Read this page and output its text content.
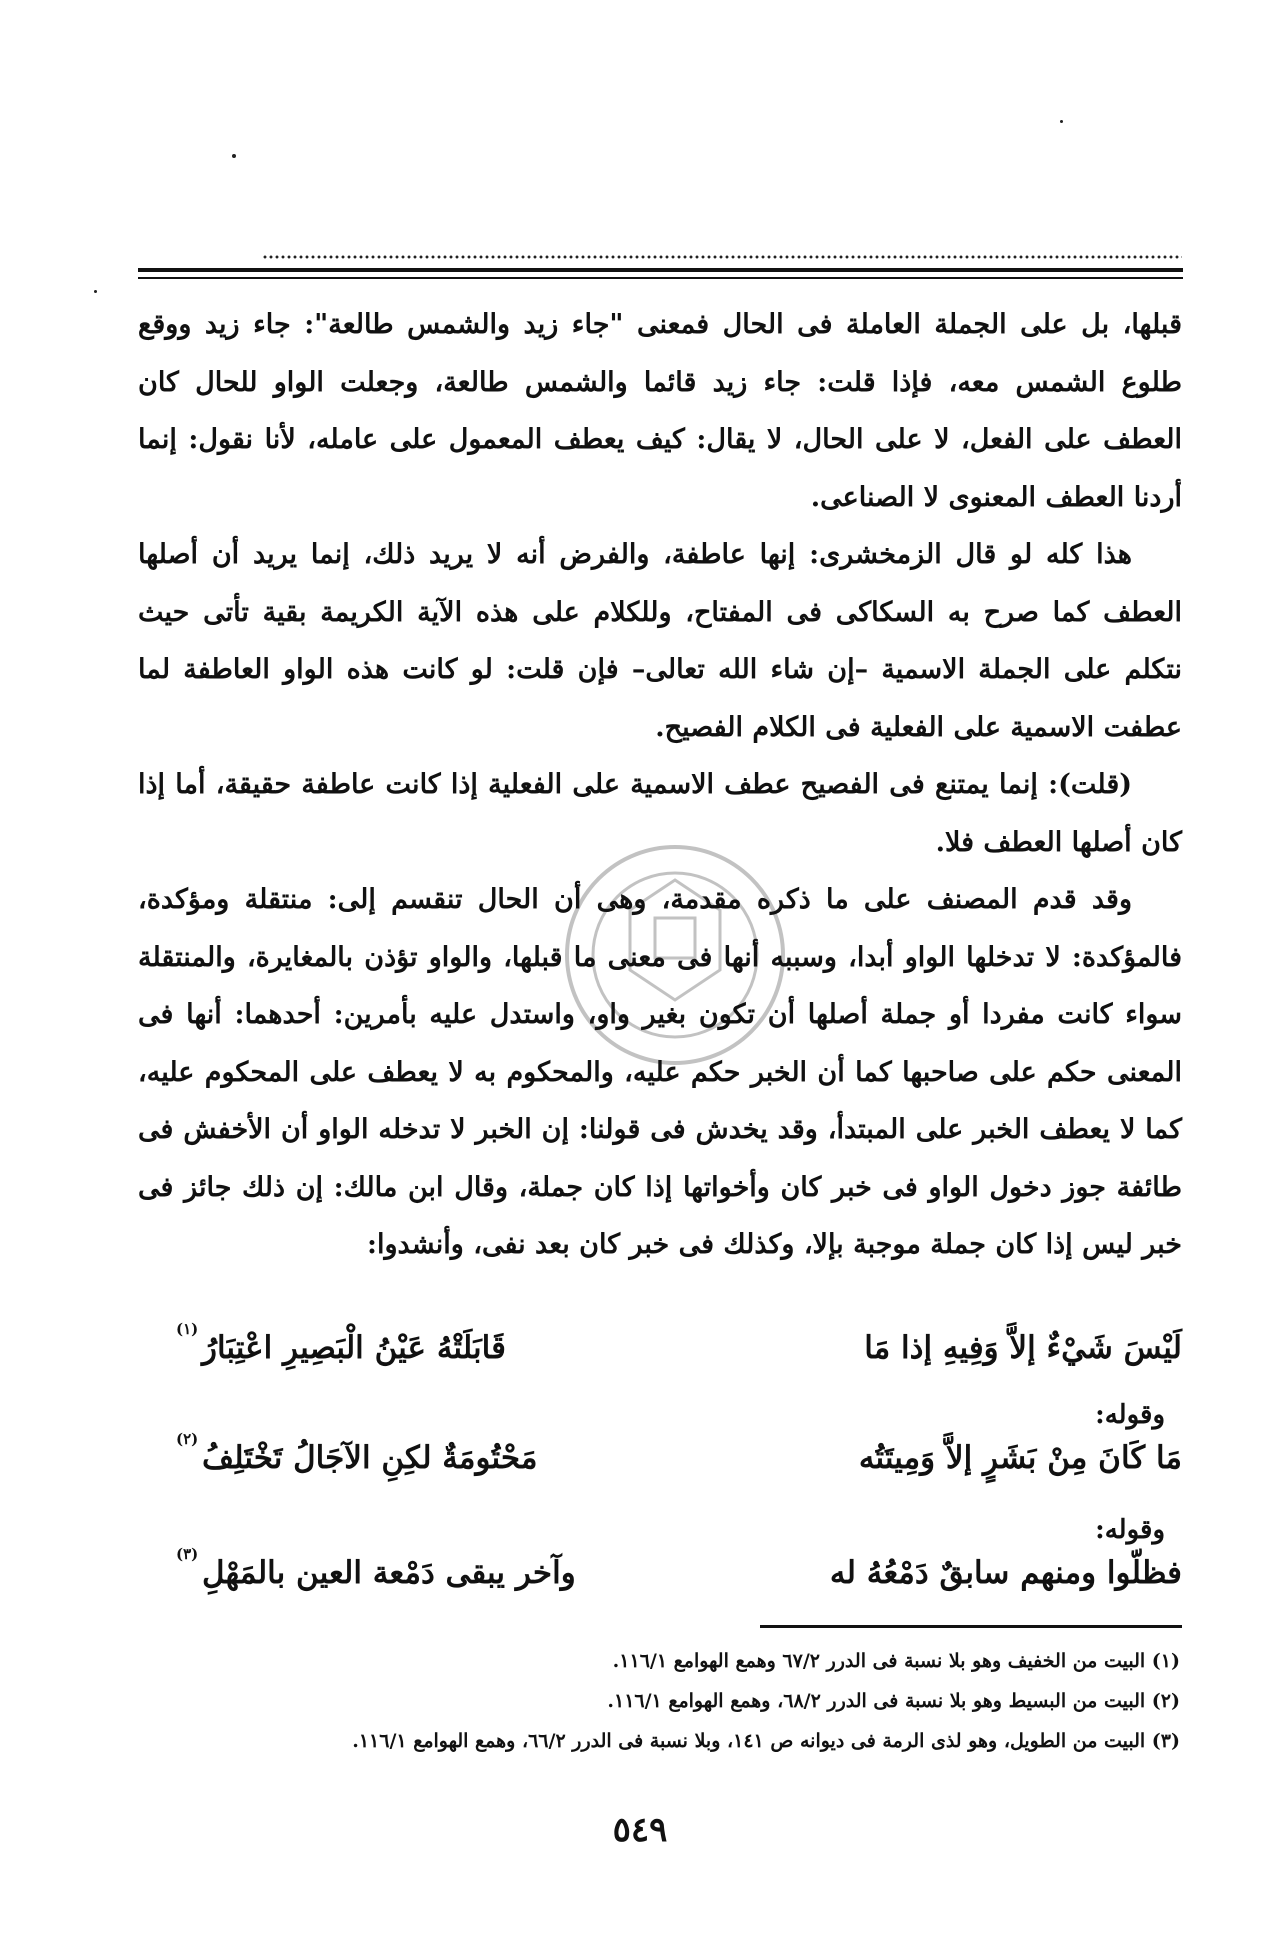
قبلها، بل على الجملة العاملة فى الحال فمعنى "جاء زيد والشمس طالعة": جاء زيد ووقع طلوع الشمس معه، فإذا قلت: جاء زيد قائما والشمس طالعة، وجعلت الواو للحال كان العطف على الفعل، لا على الحال، لا يقال: كيف يعطف المعمول على عامله، لأنا نقول: إنما أردنا العطف المعنوى لا الصناعى.

هذا كله لو قال الزمخشرى: إنها عاطفة، والفرض أنه لا يريد ذلك، إنما يريد أن أصلها العطف كما صرح به السكاكى فى المفتاح، وللكلام على هذه الآية الكريمة بقية تأتى حيث نتكلم على الجملة الاسمية –إن شاء الله تعالى– فإن قلت: لو كانت هذه الواو العاطفة لما عطفت الاسمية على الفعلية فى الكلام الفصيح.

(قلت): إنما يمتنع فى الفصيح عطف الاسمية على الفعلية إذا كانت عاطفة حقيقة، أما إذا كان أصلها العطف فلا.

وقد قدم المصنف على ما ذكره مقدمة، وهى أن الحال تنقسم إلى: منتقلة ومؤكدة، فالمؤكدة: لا تدخلها الواو أبدا، وسببه أنها فى معنى ما قبلها، والواو تؤذن بالمغايرة، والمنتقلة سواء كانت مفردا أو جملة أصلها أن تكون بغير واو، واستدل عليه بأمرين: أحدهما: أنها فى المعنى حكم على صاحبها كما أن الخبر حكم عليه، والمحكوم به لا يعطف على المحكوم عليه، كما لا يعطف الخبر على المبتدأ، وقد يخدش فى قولنا: إن الخبر لا تدخله الواو أن الأخفش فى طائفة جوز دخول الواو فى خبر كان وأخواتها إذا كان جملة، وقال ابن مالك: إن ذلك جائز فى خبر ليس إذا كان جملة موجبة بإلا، وكذلك فى خبر كان بعد نفى، وأنشدوا:

لَيْسَ شَيْءٌ إلاَّ وَفِيهِ إذا مَا
قَابَلَتْهُ عَيْنُ الْبَصِيرِ اعْتِبَارُ
(١)
وقوله:
مَا كَانَ مِنْ بَشَرٍ إلاَّ وَمِيتَتُه
مَحْتُومَةٌ لكِنِ الآجَالُ تَخْتَلِفُ
(٢)
وقوله:
فظلّوا ومنهم سابقٌ دَمْعُهُ له
وآخر يبقى دَمْعة العين بالمَهْلِ
(٣)
(١) البيت من الخفيف وهو بلا نسبة فى الدرر ٦٧/٢ وهمع الهوامع ١١٦/١.
(٢) البيت من البسيط وهو بلا نسبة فى الدرر ٦٨/٢، وهمع الهوامع ١١٦/١.
(٣) البيت من الطويل، وهو لذى الرمة فى ديوانه ص ١٤١، وبلا نسبة فى الدرر ٦٦/٢، وهمع الهوامع ١١٦/١.
٥٤٩
